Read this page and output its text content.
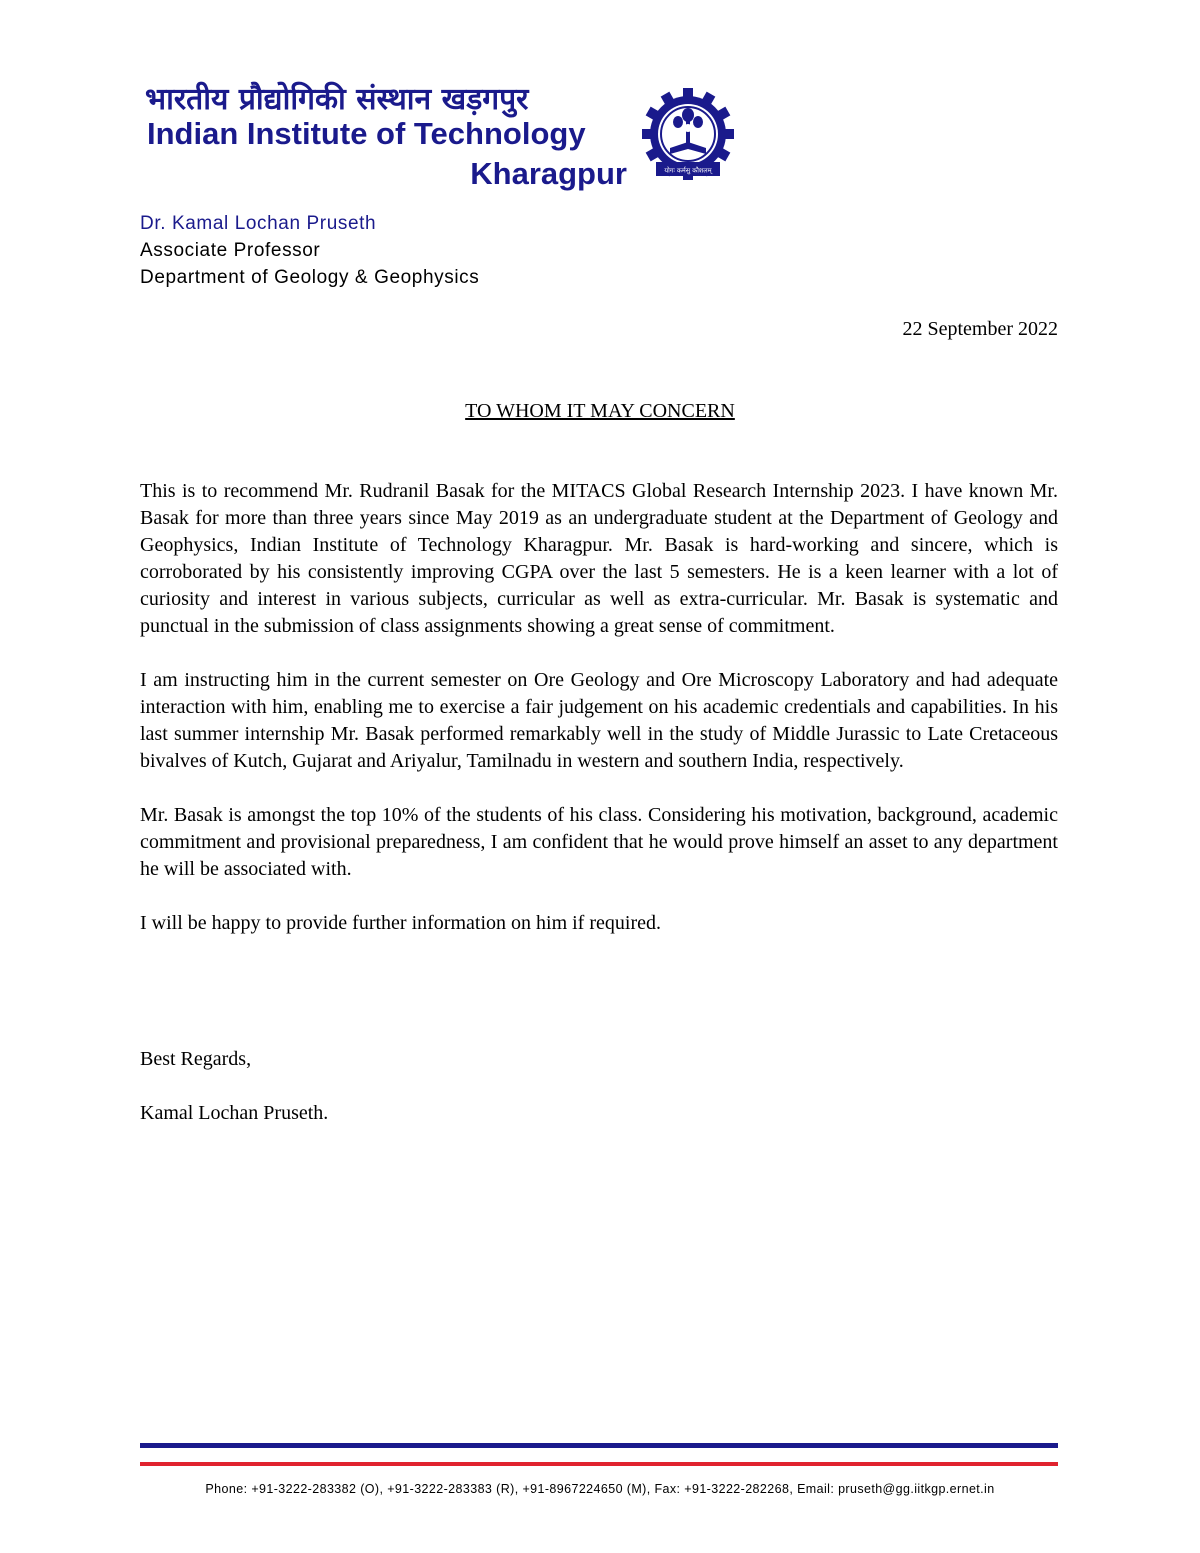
भारतीय प्रौद्योगिकी संस्थान खड़गपुर
Indian Institute of Technology
Kharagpur	योगः कर्मसु कौशलम्
Dr. Kamal Lochan Pruseth
Associate Professor
Department of Geology & Geophysics
22 September 2022
TO WHOM IT MAY CONCERN

This is to recommend Mr. Rudranil Basak for the MITACS Global Research Internship 2023. I have known Mr. Basak for more than three years since May 2019 as an undergraduate student at the Department of Geology and Geophysics, Indian Institute of Technology Kharagpur. Mr. Basak is hard-working and sincere, which is corroborated by his consistently improving CGPA over the last 5 semesters. He is a keen learner with a lot of curiosity and interest in various subjects, curricular as well as extra-curricular. Mr. Basak is systematic and punctual in the submission of class assignments showing a great sense of commitment.

I am instructing him in the current semester on Ore Geology and Ore Microscopy Laboratory and had adequate interaction with him, enabling me to exercise a fair judgement on his academic credentials and capabilities. In his last summer internship Mr. Basak performed remarkably well in the study of Middle Jurassic to Late Cretaceous bivalves of Kutch, Gujarat and Ariyalur, Tamilnadu in western and southern India, respectively.

Mr. Basak is amongst the top 10% of the students of his class. Considering his motivation, background, academic commitment and provisional preparedness, I am confident that he would prove himself an asset to any department he will be associated with.

I will be happy to provide further information on him if required.

Best Regards,
Kamal Lochan Pruseth.
Phone: +91-3222-283382 (O), +91-3222-283383 (R), +91-8967224650 (M), Fax: +91-3222-282268, Email: pruseth@gg.iitkgp.ernet.in
